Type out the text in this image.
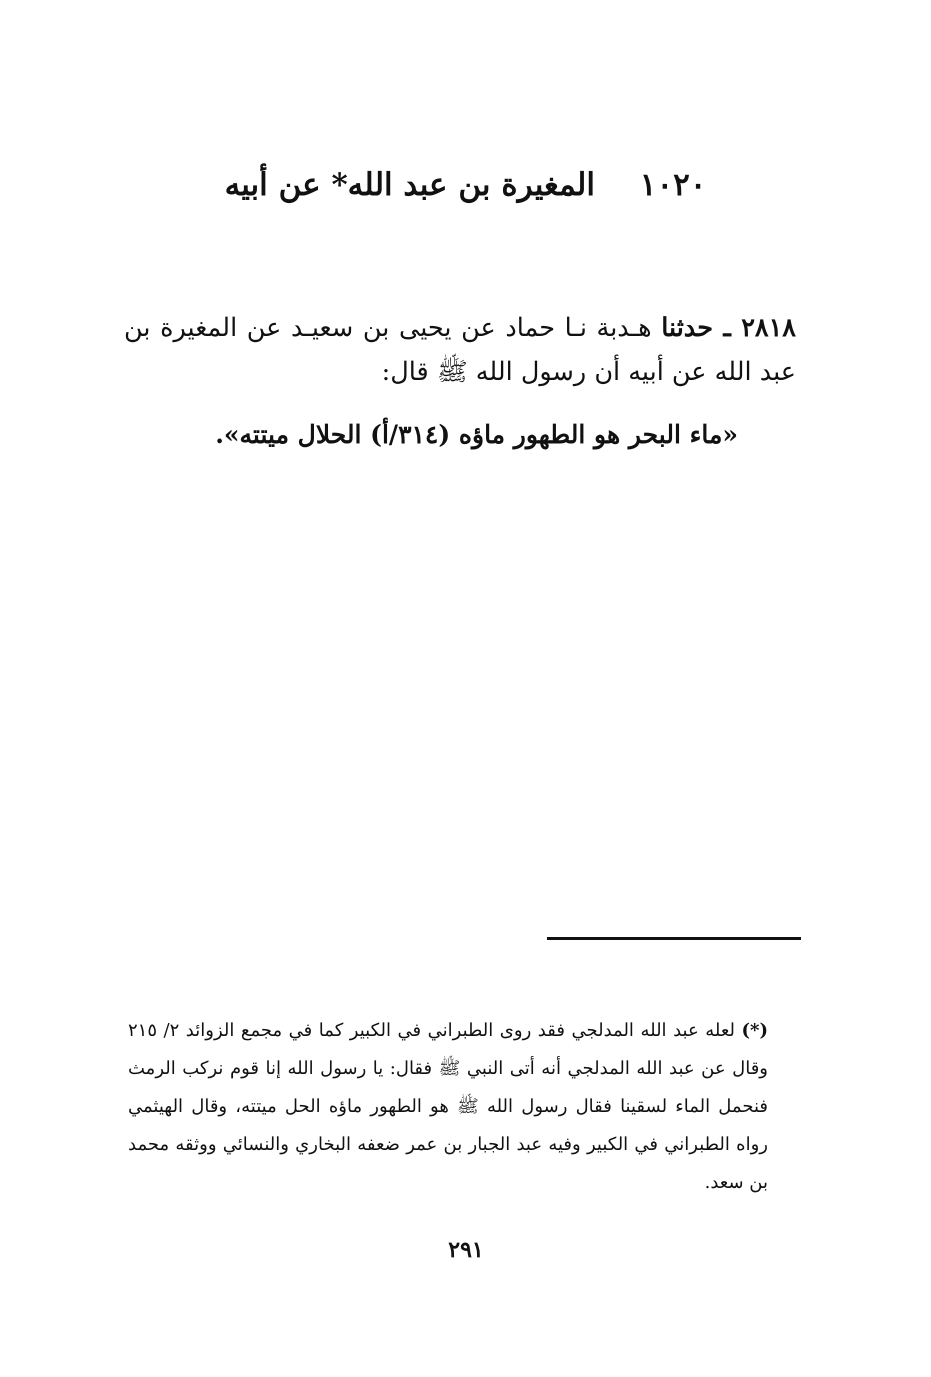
١٠٢٠ المغيرة بن عبد الله* عن أبيه
٢٨١٨ ـ حدثنا هـدبة نـا حماد عن يحيى بن سعيـد عن المغيرة بن عبد الله عن أبيه أن رسول الله ﷺ قال:
«ماء البحر هو الطهور ماؤه (٣١٤/أ) الحلال ميتته».
(*) لعله عبد الله المدلجي فقد روى الطبراني في الكبير كما في مجمع الزوائد ٢/ ٢١٥ وقال عن عبد الله المدلجي أنه أتى النبي ﷺ فقال: يا رسول الله إنا قوم نركب الرمث فنحمل الماء لسقينا فقال رسول الله ﷺ هو الطهور ماؤه الحل ميتته، وقال الهيثمي رواه الطبراني في الكبير وفيه عبد الجبار بن عمر ضعفه البخاري والنسائي ووثقه محمد بن سعد.
٢٩١
